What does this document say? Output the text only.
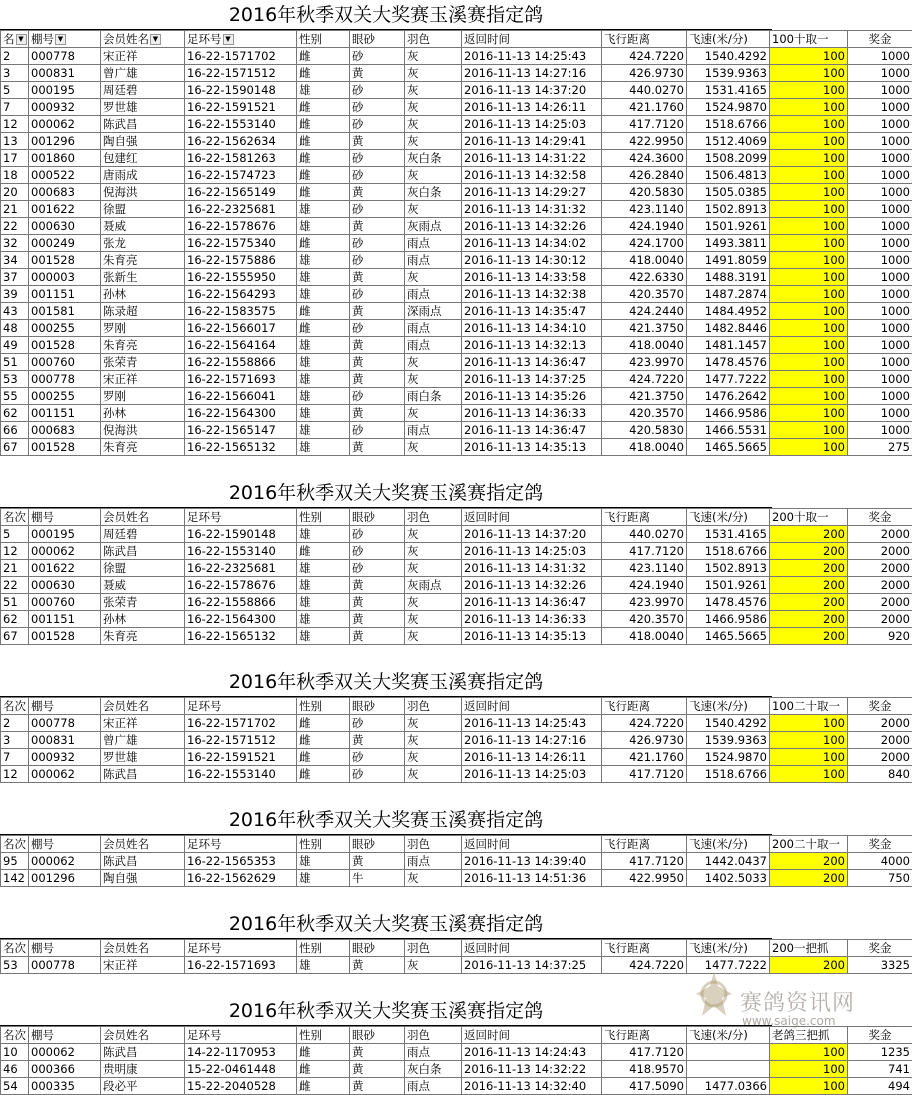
2016年秋季双关大奖赛玉溪赛指定鸽
名 ▼	棚号 ▼	会员姓名 ▼	足环号 ▼	性别	眼砂	羽色	返回时间	飞行距离	飞速(米/分)	100十取一	奖金
2	000778	宋正祥	16-22-1571702	雌	砂	灰	2016-11-13 14:25:43	424.7220	1540.4292	100	1000
3	000831	曾广雄	16-22-1571512	雌	黄	灰	2016-11-13 14:27:16	426.9730	1539.9363	100	1000
5	000195	周廷碧	16-22-1590148	雄	砂	灰	2016-11-13 14:37:20	440.0270	1531.4165	100	1000
7	000932	罗世雄	16-22-1591521	雌	砂	灰	2016-11-13 14:26:11	421.1760	1524.9870	100	1000
12	000062	陈武昌	16-22-1553140	雌	砂	灰	2016-11-13 14:25:03	417.7120	1518.6766	100	1000
13	001296	陶自强	16-22-1562634	雌	黄	灰	2016-11-13 14:29:41	422.9950	1512.4069	100	1000
17	001860	包建红	16-22-1581263	雌	砂	灰白条	2016-11-13 14:31:22	424.3600	1508.2099	100	1000
18	000522	唐雨成	16-22-1574723	雌	砂	灰	2016-11-13 14:32:58	426.2840	1506.4813	100	1000
20	000683	倪海洪	16-22-1565149	雌	黄	灰白条	2016-11-13 14:29:27	420.5830	1505.0385	100	1000
21	001622	徐盟	16-22-2325681	雄	砂	灰	2016-11-13 14:31:32	423.1140	1502.8913	100	1000
22	000630	聂威	16-22-1578676	雄	黄	灰雨点	2016-11-13 14:32:26	424.1940	1501.9261	100	1000
32	000249	张龙	16-22-1575340	雌	砂	雨点	2016-11-13 14:34:02	424.1700	1493.3811	100	1000
34	001528	朱育亮	16-22-1575886	雄	砂	雨点	2016-11-13 14:30:12	418.0040	1491.8059	100	1000
37	000003	张新生	16-22-1555950	雄	黄	灰	2016-11-13 14:33:58	422.6330	1488.3191	100	1000
39	001151	孙林	16-22-1564293	雄	砂	雨点	2016-11-13 14:32:38	420.3570	1487.2874	100	1000
43	001581	陈录超	16-22-1583575	雌	黄	深雨点	2016-11-13 14:35:47	424.2440	1484.4952	100	1000
48	000255	罗刚	16-22-1566017	雌	砂	雨点	2016-11-13 14:34:10	421.3750	1482.8446	100	1000
49	001528	朱育亮	16-22-1564164	雄	黄	雨点	2016-11-13 14:32:13	418.0040	1481.1457	100	1000
51	000760	张荣青	16-22-1558866	雄	黄	灰	2016-11-13 14:36:47	423.9970	1478.4576	100	1000
53	000778	宋正祥	16-22-1571693	雄	黄	灰	2016-11-13 14:37:25	424.7220	1477.7222	100	1000
55	000255	罗刚	16-22-1566041	雄	砂	雨白条	2016-11-13 14:35:26	421.3750	1476.2642	100	1000
62	001151	孙林	16-22-1564300	雄	黄	灰	2016-11-13 14:36:33	420.3570	1466.9586	100	1000
66	000683	倪海洪	16-22-1565147	雄	砂	雨点	2016-11-13 14:36:47	420.5830	1466.5531	100	1000
67	001528	朱育亮	16-22-1565132	雄	黄	灰	2016-11-13 14:35:13	418.0040	1465.5665	100	275
2016年秋季双关大奖赛玉溪赛指定鸽
名次	棚号	会员姓名	足环号	性别	眼砂	羽色	返回时间	飞行距离	飞速(米/分)	200十取一	奖金
5	000195	周廷碧	16-22-1590148	雄	砂	灰	2016-11-13 14:37:20	440.0270	1531.4165	200	2000
12	000062	陈武昌	16-22-1553140	雌	砂	灰	2016-11-13 14:25:03	417.7120	1518.6766	200	2000
21	001622	徐盟	16-22-2325681	雄	砂	灰	2016-11-13 14:31:32	423.1140	1502.8913	200	2000
22	000630	聂威	16-22-1578676	雄	黄	灰雨点	2016-11-13 14:32:26	424.1940	1501.9261	200	2000
51	000760	张荣青	16-22-1558866	雄	黄	灰	2016-11-13 14:36:47	423.9970	1478.4576	200	2000
62	001151	孙林	16-22-1564300	雄	黄	灰	2016-11-13 14:36:33	420.3570	1466.9586	200	2000
67	001528	朱育亮	16-22-1565132	雄	黄	灰	2016-11-13 14:35:13	418.0040	1465.5665	200	920
2016年秋季双关大奖赛玉溪赛指定鸽
名次	棚号	会员姓名	足环号	性别	眼砂	羽色	返回时间	飞行距离	飞速(米/分)	100二十取一	奖金
2	000778	宋正祥	16-22-1571702	雌	砂	灰	2016-11-13 14:25:43	424.7220	1540.4292	100	2000
3	000831	曾广雄	16-22-1571512	雌	黄	灰	2016-11-13 14:27:16	426.9730	1539.9363	100	2000
7	000932	罗世雄	16-22-1591521	雌	砂	灰	2016-11-13 14:26:11	421.1760	1524.9870	100	2000
12	000062	陈武昌	16-22-1553140	雌	砂	灰	2016-11-13 14:25:03	417.7120	1518.6766	100	840
2016年秋季双关大奖赛玉溪赛指定鸽
名次	棚号	会员姓名	足环号	性别	眼砂	羽色	返回时间	飞行距离	飞速(米/分)	200二十取一	奖金
95	000062	陈武昌	16-22-1565353	雄	黄	雨点	2016-11-13 14:39:40	417.7120	1442.0437	200	4000
142	001296	陶自强	16-22-1562629	雄	牛	灰	2016-11-13 14:51:36	422.9950	1402.5033	200	750
2016年秋季双关大奖赛玉溪赛指定鸽
名次	棚号	会员姓名	足环号	性别	眼砂	羽色	返回时间	飞行距离	飞速(米/分)	200一把抓	奖金
53	000778	宋正祥	16-22-1571693	雄	黄	灰	2016-11-13 14:37:25	424.7220	1477.7222	200	3325
2016年秋季双关大奖赛玉溪赛指定鸽
名次	棚号	会员姓名	足环号	性别	眼砂	羽色	返回时间	飞行距离	飞速(米/分)	老鸽三把抓	奖金
10	000062	陈武昌	14-22-1170953	雌	黄	雨点	2016-11-13 14:24:43	417.7120		100	1235
46	000366	贵明康	15-22-0461448	雌	黄	灰白条	2016-11-13 14:32:22	418.9570		100	741
54	000335	段必平	15-22-2040528	雌	黄	雨点	2016-11-13 14:32:40	417.5090	1477.0366	100	494
赛鸽资讯网
www.saige.com
